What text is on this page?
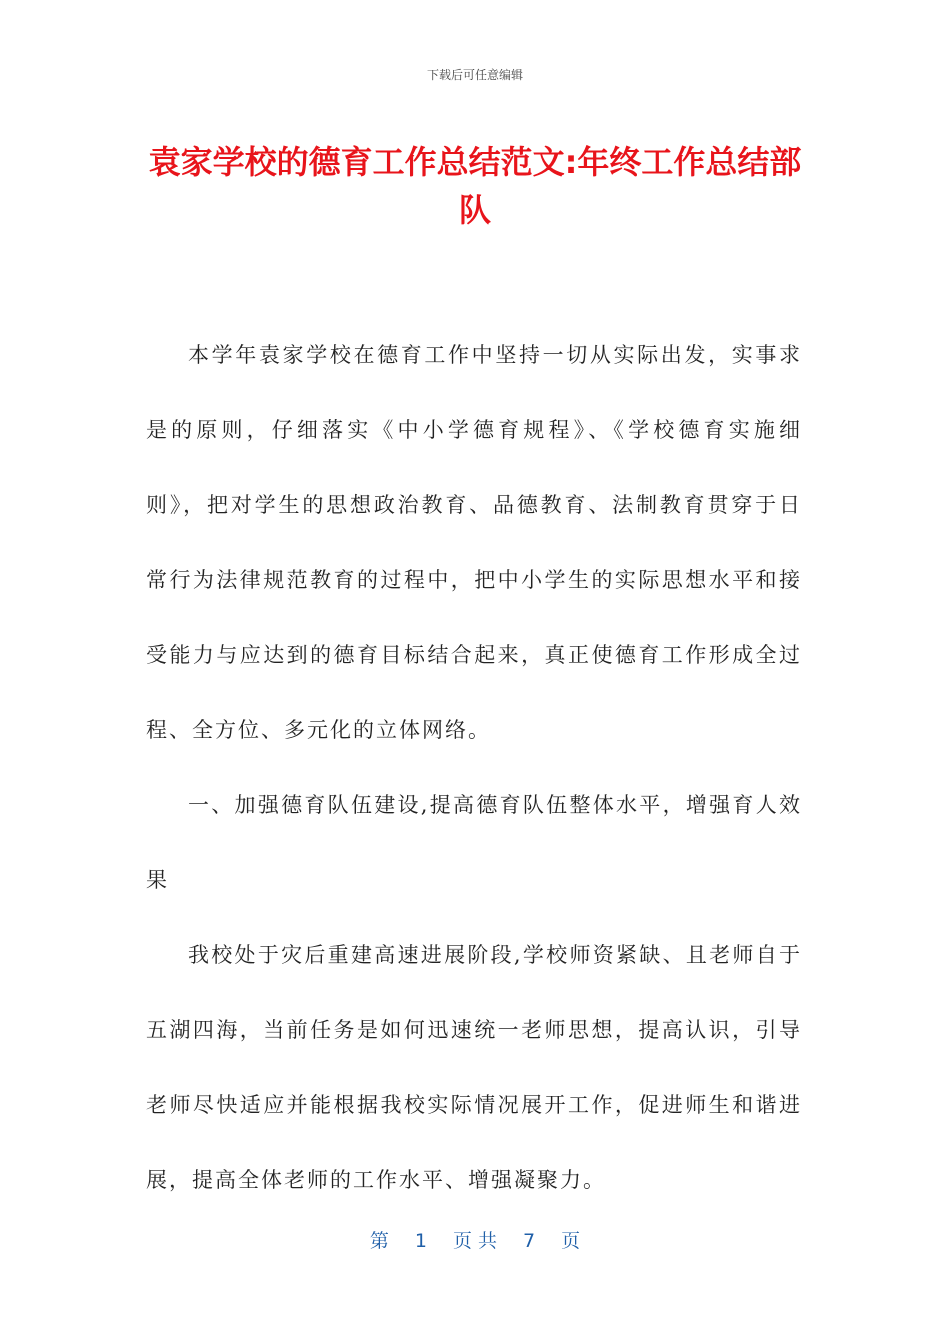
下载后可任意编辑
袁家学校的德育工作总结范文:年终工作总结部队

本学年袁家学校在德育工作中坚持一切从实际出发，实事求是的原则，仔细落实《中小学德育规程》、《学校德育实施细则》，把对学生的思想政治教育、品德教育、法制教育贯穿于日常行为法律规范教育的过程中，把中小学生的实际思想水平和接受能力与应达到的德育目标结合起来，真正使德育工作形成全过程、全方位、多元化的立体网络。

一、加强德育队伍建设,提高德育队伍整体水平，增强育人效果

我校处于灾后重建高速进展阶段,学校师资紧缺、且老师自于五湖四海，当前任务是如何迅速统一老师思想，提高认识，引导老师尽快适应并能根据我校实际情况展开工作，促进师生和谐进展，提高全体老师的工作水平、增强凝聚力。

第 1 页 共 7 页
